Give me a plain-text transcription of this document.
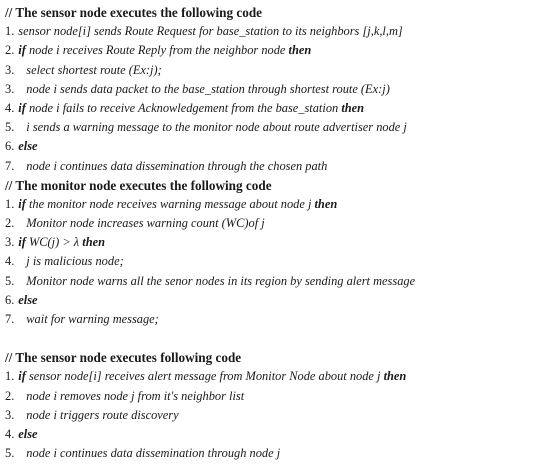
// The sensor node executes the following code
1. sensor node[i] sends Route Request for base_station to its neighbors [j,k,l,m]
2. if node i receives Route Reply from the neighbor node then
3. select shortest route (Ex:j);
3. node i sends data packet to the base_station through shortest route (Ex:j)
4. if node i fails to receive Acknowledgement from the base_station then
5. i sends a warning message to the monitor node about route advertiser node j
6. else
7. node i continues data dissemination through the chosen path
// The monitor node executes the following code
1. if the monitor node receives warning message about node j then
2. Monitor node increases warning count (WC)of j
3. if WC(j) > λ then
4. j is malicious node;
5. Monitor node warns all the senor nodes in its region by sending alert message
6. else
7. wait for warning message;
// The sensor node executes following code
1. if sensor node[i] receives alert message from Monitor Node about node j then
2. node i removes node j from it's neighbor list
3. node i triggers route discovery
4. else
5. node i continues data dissemination through node j
